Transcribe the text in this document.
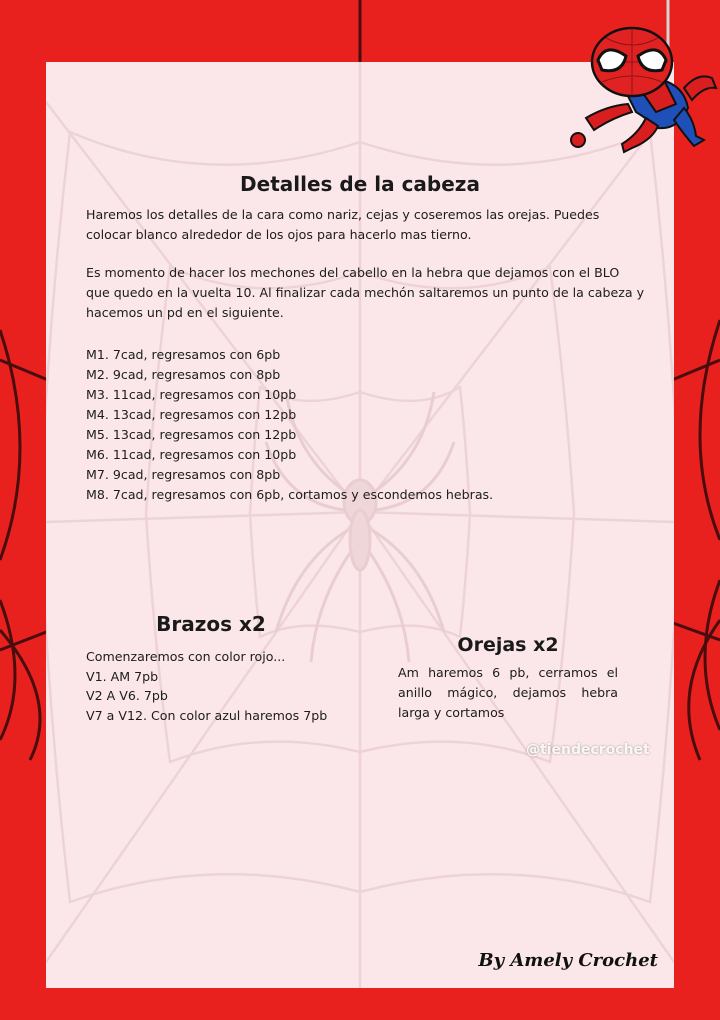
Detalles de la cabeza
Haremos los detalles de la cara como nariz, cejas y coseremos las orejas. Puedes colocar blanco alrededor de los ojos para hacerlo mas tierno.
Es momento de hacer los mechones del cabello en la hebra que dejamos con el BLO que quedo en la vuelta 10. Al finalizar cada mechón saltaremos un punto de la cabeza y hacemos un pd en el siguiente.
M1. 7cad, regresamos con 6pb
M2. 9cad, regresamos con 8pb
M3. 11cad, regresamos con 10pb
M4. 13cad, regresamos con 12pb
M5. 13cad, regresamos con 12pb
M6. 11cad, regresamos con 10pb
M7. 9cad, regresamos con 8pb
M8. 7cad, regresamos con 6pb, cortamos y escondemos hebras.
Brazos x2
Comenzaremos con color rojo...
V1. AM 7pb
V2 A V6. 7pb
V7 a V12. Con color azul haremos 7pb
Orejas x2
Am haremos 6 pb, cerramos el anillo mágico, dejamos hebra larga y cortamos
@tiendecrochet
By Amely Crochet
